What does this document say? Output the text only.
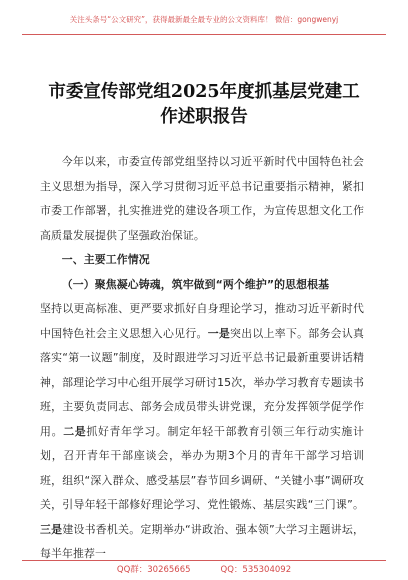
关注头条号“公文研究”，获得最新最全最专业的公文资料库！ 微信：gongwenyj
市委宣传部党组2025年度抓基层党建工
作述职报告

今年以来，市委宣传部党组坚持以习近平新时代中国特色社会主义思想为指导，深入学习贯彻习近平总书记重要指示精神，紧扣市委工作部署，扎实推进党的建设各项工作，为宣传思想文化工作高质量发展提供了坚强政治保证。

一、主要工作情况

（一）聚焦凝心铸魂，筑牢做到“两个维护”的思想根基

坚持以更高标准、更严要求抓好自身理论学习，推动习近平新时代中国特色社会主义思想入心见行。一是突出以上率下。部务会认真落实“第一议题”制度，及时跟进学习习近平总书记最新重要讲话精神，部理论学习中心组开展学习研讨15次，举办学习教育专题读书班，主要负责同志、部务会成员带头讲党课，充分发挥领学促学作用。二是抓好青年学习。制定年轻干部教育引领三年行动实施计划，召开青年干部座谈会，举办为期3个月的青年干部学习培训班，组织“深入群众、感受基层”春节回乡调研、“关键小事”调研攻关，引导年轻干部修好理论学习、党性锻炼、基层实践“三门课”。三是建设书香机关。定期举办“讲政治、强本领”大学习主题讲坛，每半年推荐一

QQ群：30265665	QQ：535304092
